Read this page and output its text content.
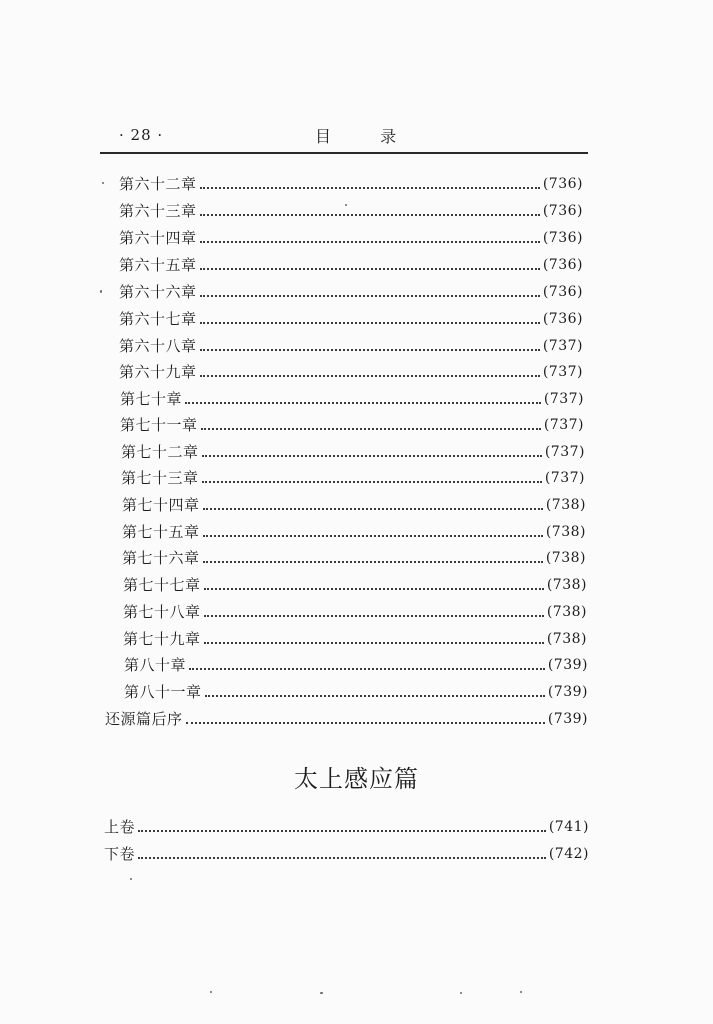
· 28 ·	目 录
第六十二章	(736)
第六十三章	(736)
第六十四章	(736)
第六十五章	(736)
第六十六章	(736)
第六十七章	(736)
第六十八章	(737)
第六十九章	(737)
第七十章	(737)
第七十一章	(737)
第七十二章	(737)
第七十三章	(737)
第七十四章	(738)
第七十五章	(738)
第七十六章	(738)
第七十七章	(738)
第七十八章	(738)
第七十九章	(738)
第八十章	(739)
第八十一章	(739)
还源篇后序	(739)
太上感应篇
上卷	(741)
下卷	(742)
